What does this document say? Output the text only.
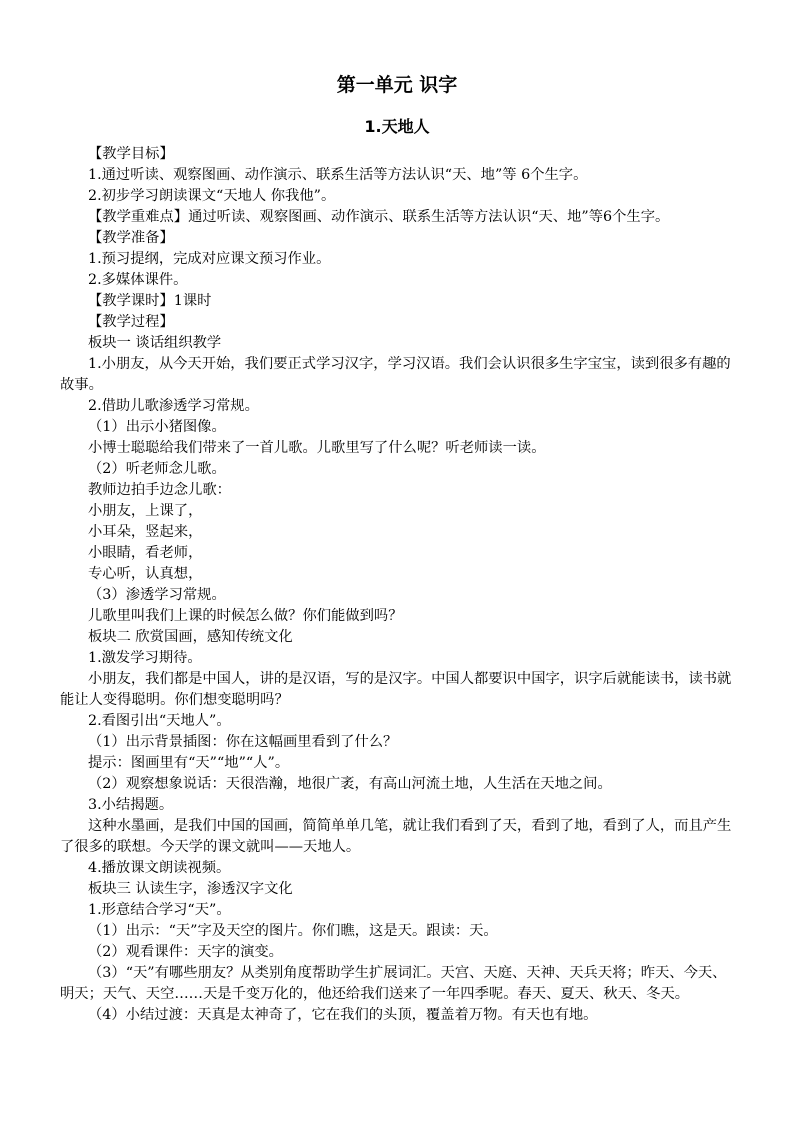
第一单元 识字
1.天地人

【教学目标】

1.通过听读、观察图画、动作演示、联系生活等方法认识“天、地”等 6个生字。

2.初步学习朗读课文“天地人 你我他”。

【教学重难点】通过听读、观察图画、动作演示、联系生活等方法认识“天、地”等6个生字。

【教学准备】

1.预习提纲，完成对应课文预习作业。

2.多媒体课件。

【教学课时】1课时

【教学过程】

板块一 谈话组织教学

1.小朋友，从今天开始，我们要正式学习汉字，学习汉语。我们会认识很多生字宝宝，读到很多有趣的故事。

2.借助儿歌渗透学习常规。

（1）出示小猪图像。

小博士聪聪给我们带来了一首儿歌。儿歌里写了什么呢？听老师读一读。

（2）听老师念儿歌。

教师边拍手边念儿歌：

小朋友，上课了，

小耳朵，竖起来，

小眼睛，看老师，

专心听，认真想，

（3）渗透学习常规。

儿歌里叫我们上课的时候怎么做？你们能做到吗？

板块二 欣赏国画，感知传统文化

1.激发学习期待。

小朋友，我们都是中国人，讲的是汉语，写的是汉字。中国人都要识中国字，识字后就能读书，读书就能让人变得聪明。你们想变聪明吗？

2.看图引出“天地人”。

（1）出示背景插图：你在这幅画里看到了什么？

提示：图画里有“天”“地”“人”。

（2）观察想象说话：天很浩瀚，地很广袤，有高山河流土地，人生活在天地之间。

3.小结揭题。

这种水墨画，是我们中国的国画，简简单单几笔，就让我们看到了天，看到了地，看到了人，而且产生了很多的联想。今天学的课文就叫——天地人。

4.播放课文朗读视频。

板块三 认读生字，渗透汉字文化

1.形意结合学习“天”。

（1）出示：“天”字及天空的图片。你们瞧，这是天。跟读：天。

（2）观看课件：天字的演变。

（3）“天”有哪些朋友？从类别角度帮助学生扩展词汇。天宫、天庭、天神、天兵天将；昨天、今天、明天；天气、天空……天是千变万化的，他还给我们送来了一年四季呢。春天、夏天、秋天、冬天。

（4）小结过渡：天真是太神奇了，它在我们的头顶，覆盖着万物。有天也有地。
